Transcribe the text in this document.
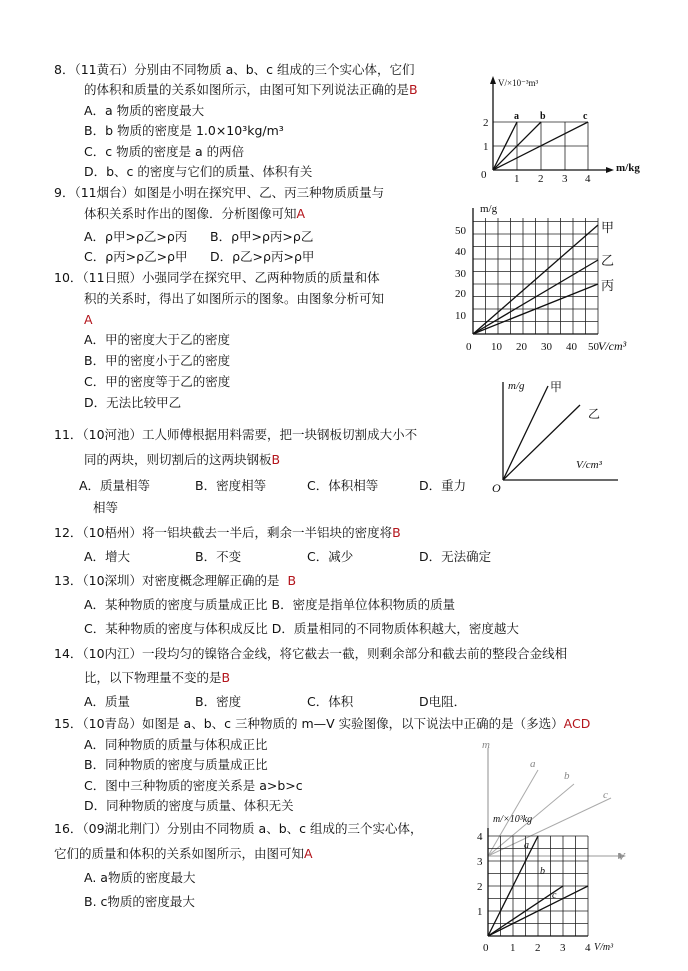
8．（11黄石）分别由不同物质 a、b、c 组成的三个实心体，它们
的体积和质量的关系如图所示，由图可知下列说法正确的是B
A．a 物质的密度最大
B．b 物质的密度是 1.0×10³kg/m³
C．c 物质的密度是 a 的两倍
D．b、c 的密度与它们的质量、体积有关
V/×10⁻³m³
m/kg
0	1 2 3 4
1
2
a b	c
9．（11烟台）如图是小明在探究甲、乙、丙三种物质质量与
体积关系时作出的图像．分析图像可知A
A．ρ甲>ρ乙>ρ丙 B．ρ甲>ρ丙>ρ乙
C．ρ丙>ρ乙>ρ甲 D．ρ乙>ρ丙>ρ甲
m/g
V/cm³
0 10 20 30 40 50
10
20
30
40
50	甲
乙
丙
10．（11日照）小强同学在探究甲、乙两种物质的质量和体
积的关系时，得出了如图所示的图象。由图象分析可知
A
A．甲的密度大于乙的密度
B．甲的密度小于乙的密度
C．甲的密度等于乙的密度
D．无法比较甲乙
m/g
V/cm³
O
甲
乙
11．（10河池）工人师傅根据用料需要，把一块钢板切割成大小不
同的两块，则切割后的这两块钢板B
A．质量相等	B．密度相等	C．体积相等	D．重力
相等
12．（10梧州）将一铝块截去一半后，剩余一半铝块的密度将B
A．增大	B．不变	C．减少	D．无法确定
13．（10深圳）对密度概念理解正确的是 B
A．某种物质的密度与质量成正比 B．密度是指单位体积物质的质量
C．某种物质的密度与体积成反比 D．质量相同的不同物质体积越大，密度越大
14．（10内江）一段均匀的镍铬合金线，将它截去一截，则剩余部分和截去前的整段合金线相
比，以下物理量不变的是B
A．质量	B．密度	C．体积	D电阻．
15．（10青岛）如图是 a、b、c 三种物质的 m—V 实验图像，以下说法中正确的是（多选）ACD
A．同种物质的质量与体积成正比
B．同种物质的密度与质量成正比
C．图中三种物质的密度关系是 a>b>c
D．同种物质的密度与质量、体积无关
m
V
a
b
c
16．（09湖北荆门）分别由不同物质 a、b、c 组成的三个实心体，
它们的质量和体积的关系如图所示，由图可知A
A. a物质的密度最大
B. c物质的密度最大
m/×10³kg
V/m³
0 1 2 3 4
1
2
3
4
a
b
c
